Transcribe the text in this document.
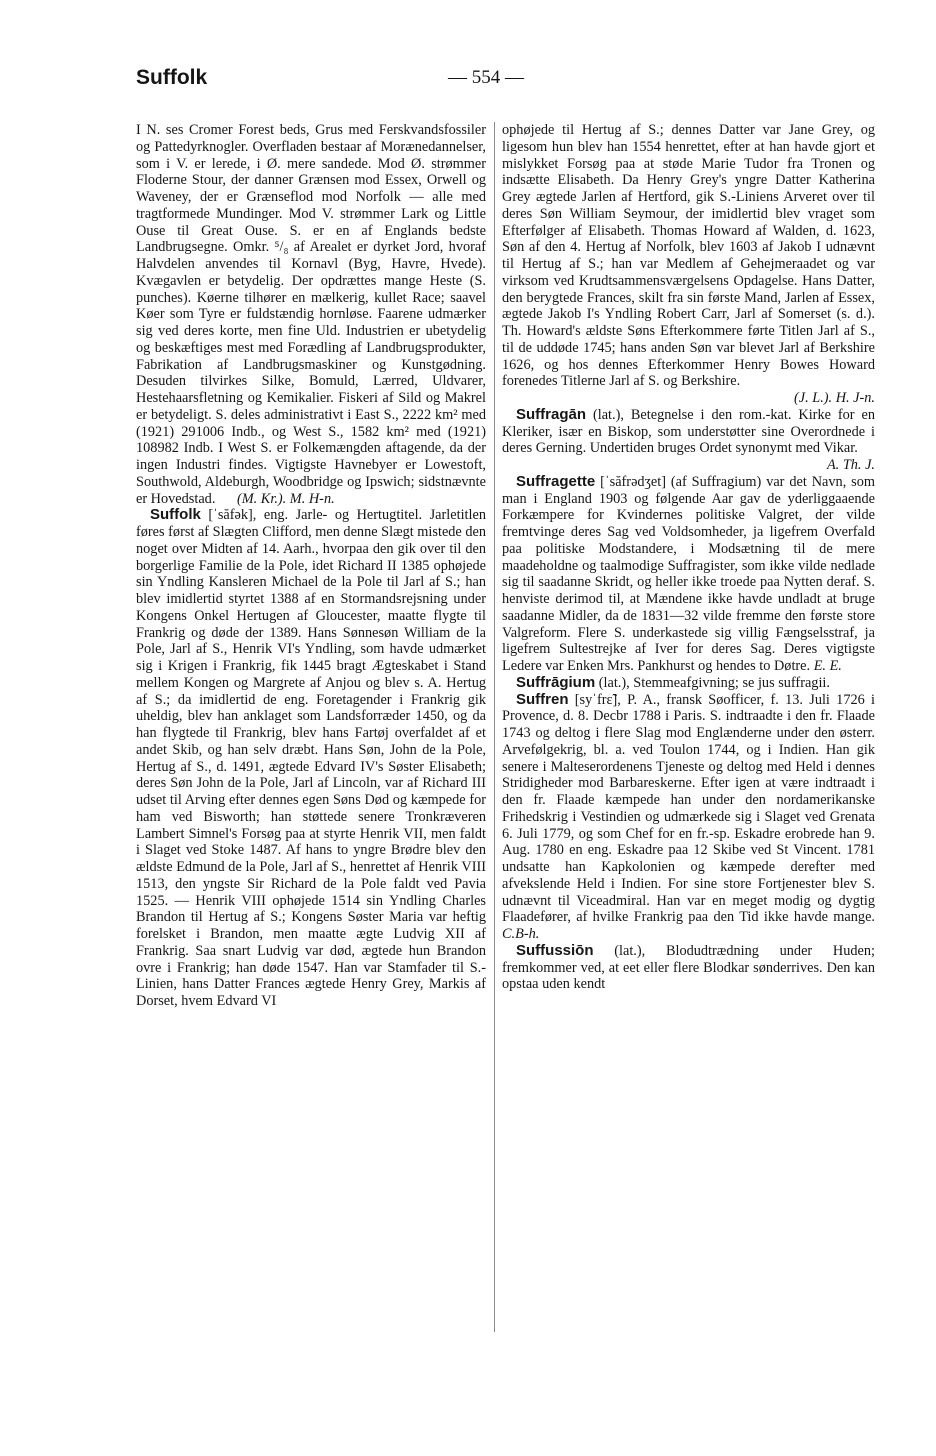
Suffolk	— 554 —

I N. ses Cromer Forest beds, Grus med Ferskvandsfossiler og Pattedyrknogler. Overfladen bestaar af Morænedannelser, som i V. er lerede, i Ø. mere sandede. Mod Ø. strømmer Floderne Stour, der danner Grænsen mod Essex, Orwell og Waveney, der er Grænseflod mod Norfolk — alle med tragtformede Mundinger. Mod V. strømmer Lark og Little Ouse til Great Ouse. S. er en af Englands bedste Landbrugsegne. Omkr. ⁵/₈ af Arealet er dyrket Jord, hvoraf Halvdelen anvendes til Kornavl (Byg, Havre, Hvede). Kvægavlen er betydelig. Der opdrættes mange Heste (S. punches). Køerne tilhører en mælkerig, kullet Race; saavel Køer som Tyre er fuldstændig hornløse. Faarene udmærker sig ved deres korte, men fine Uld. Industrien er ubetydelig og beskæftiges mest med Forædling af Landbrugsprodukter, Fabrikation af Landbrugsmaskiner og Kunstgødning. Desuden tilvirkes Silke, Bomuld, Lærred, Uldvarer, Hestehaarsfletning og Kemikalier. Fiskeri af Sild og Makrel er betydeligt. S. deles administrativt i East S., 2222 km² med (1921) 291006 Indb., og West S., 1582 km² med (1921) 108982 Indb. I West S. er Folkemængden aftagende, da der ingen Industri findes. Vigtigste Havnebyer er Lowestoft, Southwold, Aldeburgh, Woodbridge og Ipswich; sidstnævnte er Hovedstad. (M. Kr.). M. H-n.

Suffolk [ˈsăfək], eng. Jarle- og Hertugtitel. Jarletitlen føres først af Slægten Clifford, men denne Slægt mistede den noget over Midten af 14. Aarh., hvorpaa den gik over til den borgerlige Familie de la Pole, idet Richard II 1385 ophøjede sin Yndling Kansleren Michael de la Pole til Jarl af S.; han blev imidlertid styrtet 1388 af en Stormandsrejsning under Kongens Onkel Hertugen af Gloucester, maatte flygte til Frankrig og døde der 1389. Hans Sønnesøn William de la Pole, Jarl af S., Henrik VI's Yndling, som havde udmærket sig i Krigen i Frankrig, fik 1445 bragt Ægteskabet i Stand mellem Kongen og Margrete af Anjou og blev s. A. Hertug af S.; da imidlertid de eng. Foretagender i Frankrig gik uheldig, blev han anklaget som Landsforræder 1450, og da han flygtede til Frankrig, blev hans Fartøj overfaldet af et andet Skib, og han selv dræbt. Hans Søn, John de la Pole, Hertug af S., d. 1491, ægtede Edvard IV's Søster Elisabeth; deres Søn John de la Pole, Jarl af Lincoln, var af Richard III udset til Arving efter dennes egen Søns Død og kæmpede for ham ved Bisworth; han støttede senere Tronkræveren Lambert Simnel's Forsøg paa at styrte Henrik VII, men faldt i Slaget ved Stoke 1487. Af hans to yngre Brødre blev den ældste Edmund de la Pole, Jarl af S., henrettet af Henrik VIII 1513, den yngste Sir Richard de la Pole faldt ved Pavia 1525. — Henrik VIII ophøjede 1514 sin Yndling Charles Brandon til Hertug af S.; Kongens Søster Maria var heftig forelsket i Brandon, men maatte ægte Ludvig XII af Frankrig. Saa snart Ludvig var død, ægtede hun Brandon ovre i Frankrig; han døde 1547. Han var Stamfader til S.-Linien, hans Datter Frances ægtede Henry Grey, Markis af Dorset, hvem Edvard VI

ophøjede til Hertug af S.; dennes Datter var Jane Grey, og ligesom hun blev han 1554 henrettet, efter at han havde gjort et mislykket Forsøg paa at støde Marie Tudor fra Tronen og indsætte Elisabeth. Da Henry Grey's yngre Datter Katherina Grey ægtede Jarlen af Hertford, gik S.-Liniens Arveret over til deres Søn William Seymour, der imidlertid blev vraget som Efterfølger af Elisabeth. Thomas Howard af Walden, d. 1623, Søn af den 4. Hertug af Norfolk, blev 1603 af Jakob I udnævnt til Hertug af S.; han var Medlem af Gehejmeraadet og var virksom ved Krudtsammensværgelsens Opdagelse. Hans Datter, den berygtede Frances, skilt fra sin første Mand, Jarlen af Essex, ægtede Jakob I's Yndling Robert Carr, Jarl af Somerset (s. d.). Th. Howard's ældste Søns Efterkommere førte Titlen Jarl af S., til de uddøde 1745; hans anden Søn var blevet Jarl af Berkshire 1626, og hos dennes Efterkommer Henry Bowes Howard forenedes Titlerne Jarl af S. og Berkshire.
(J. L.). H. J-n.

Suffragān (lat.), Betegnelse i den rom.-kat. Kirke for en Kleriker, især en Biskop, som understøtter sine Overordnede i deres Gerning. Undertiden bruges Ordet synonymt med Vikar.
A. Th. J.

Suffragette [ˈsăfrədʒet] (af Suffragium) var det Navn, som man i England 1903 og følgende Aar gav de yderliggaaende Forkæmpere for Kvindernes politiske Valgret, der vilde fremtvinge deres Sag ved Voldsomheder, ja ligefrem Overfald paa politiske Modstandere, i Modsætning til de mere maadeholdne og taalmodige Suffragister, som ikke vilde nedlade sig til saadanne Skridt, og heller ikke troede paa Nytten deraf. S. henviste derimod til, at Mændene ikke havde undladt at bruge saadanne Midler, da de 1831—32 vilde fremme den første store Valgreform. Flere S. underkastede sig villig Fængselsstraf, ja ligefrem Sultestrejke af Iver for deres Sag. Deres vigtigste Ledere var Enken Mrs. Pankhurst og hendes to Døtre. E. E.

Suffrāgium (lat.), Stemmeafgivning; se jus suffragii.

Suffren [syˈfrɛ̃], P. A., fransk Søofficer, f. 13. Juli 1726 i Provence, d. 8. Decbr 1788 i Paris. S. indtraadte i den fr. Flaade 1743 og deltog i flere Slag mod Englænderne under den østerr. Arvefølgekrig, bl. a. ved Toulon 1744, og i Indien. Han gik senere i Malteserordenens Tjeneste og deltog med Held i dennes Stridigheder mod Barbareskerne. Efter igen at være indtraadt i den fr. Flaade kæmpede han under den nordamerikanske Frihedskrig i Vestindien og udmærkede sig i Slaget ved Grenata 6. Juli 1779, og som Chef for en fr.-sp. Eskadre erobrede han 9. Aug. 1780 en eng. Eskadre paa 12 Skibe ved St Vincent. 1781 undsatte han Kapkolonien og kæmpede derefter med afvekslende Held i Indien. For sine store Fortjenester blev S. udnævnt til Viceadmiral. Han var en meget modig og dygtig Flaadefører, af hvilke Frankrig paa den Tid ikke havde mange. C.B-h.

Suffussiōn (lat.), Blodudtrædning under Huden; fremkommer ved, at eet eller flere Blodkar sønderrives. Den kan opstaa uden kendt
